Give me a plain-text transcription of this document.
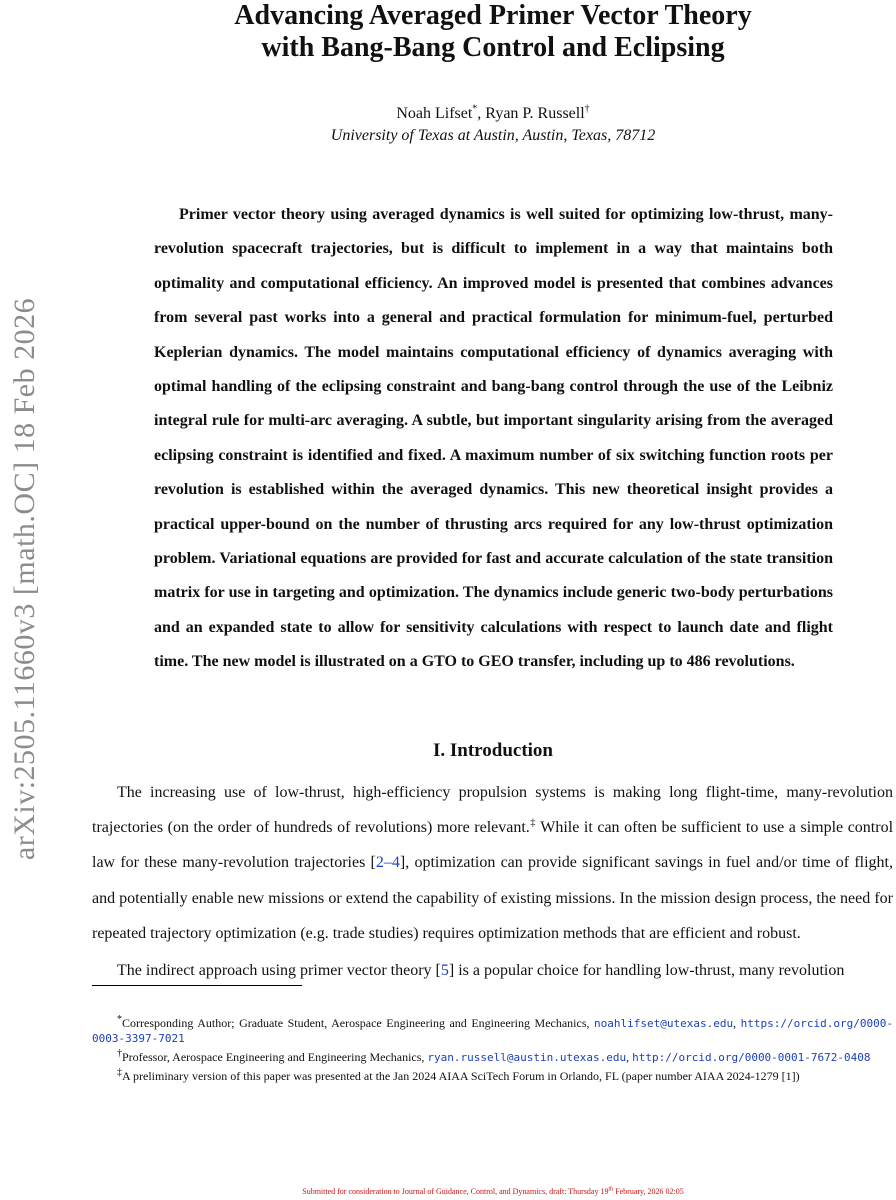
arXiv:2505.11660v3 [math.OC] 18 Feb 2026
Advancing Averaged Primer Vector Theory
with Bang-Bang Control and Eclipsing
Noah Lifset*, Ryan P. Russell†
University of Texas at Austin, Austin, Texas, 78712

Primer vector theory using averaged dynamics is well suited for optimizing low-thrust, many-revolution spacecraft trajectories, but is difficult to implement in a way that maintains both optimality and computational efficiency. An improved model is presented that combines advances from several past works into a general and practical formulation for minimum-fuel, perturbed Keplerian dynamics. The model maintains computational efficiency of dynamics averaging with optimal handling of the eclipsing constraint and bang-bang control through the use of the Leibniz integral rule for multi-arc averaging. A subtle, but important singularity arising from the averaged eclipsing constraint is identified and fixed. A maximum number of six switching function roots per revolution is established within the averaged dynamics. This new theoretical insight provides a practical upper-bound on the number of thrusting arcs required for any low-thrust optimization problem. Variational equations are provided for fast and accurate calculation of the state transition matrix for use in targeting and optimization. The dynamics include generic two-body perturbations and an expanded state to allow for sensitivity calculations with respect to launch date and flight time. The new model is illustrated on a GTO to GEO transfer, including up to 486 revolutions.

I. Introduction

The increasing use of low-thrust, high-efficiency propulsion systems is making long flight-time, many-revolution trajectories (on the order of hundreds of revolutions) more relevant.‡ While it can often be sufficient to use a simple control law for these many-revolution trajectories [2–4], optimization can provide significant savings in fuel and/or time of flight, and potentially enable new missions or extend the capability of existing missions. In the mission design process, the need for repeated trajectory optimization (e.g. trade studies) requires optimization methods that are efficient and robust.

The indirect approach using primer vector theory [5] is a popular choice for handling low-thrust, many revolution

*Corresponding Author; Graduate Student, Aerospace Engineering and Engineering Mechanics, noahlifset@utexas.edu, https://orcid.org/0000-0003-3397-7021

†Professor, Aerospace Engineering and Engineering Mechanics, ryan.russell@austin.utexas.edu, http://orcid.org/0000-0001-7672-0408

‡A preliminary version of this paper was presented at the Jan 2024 AIAA SciTech Forum in Orlando, FL (paper number AIAA 2024-1279 [1])

Submitted for consideration to Journal of Guidance, Control, and Dynamics, draft: Thursday 19th February, 2026 02:05
